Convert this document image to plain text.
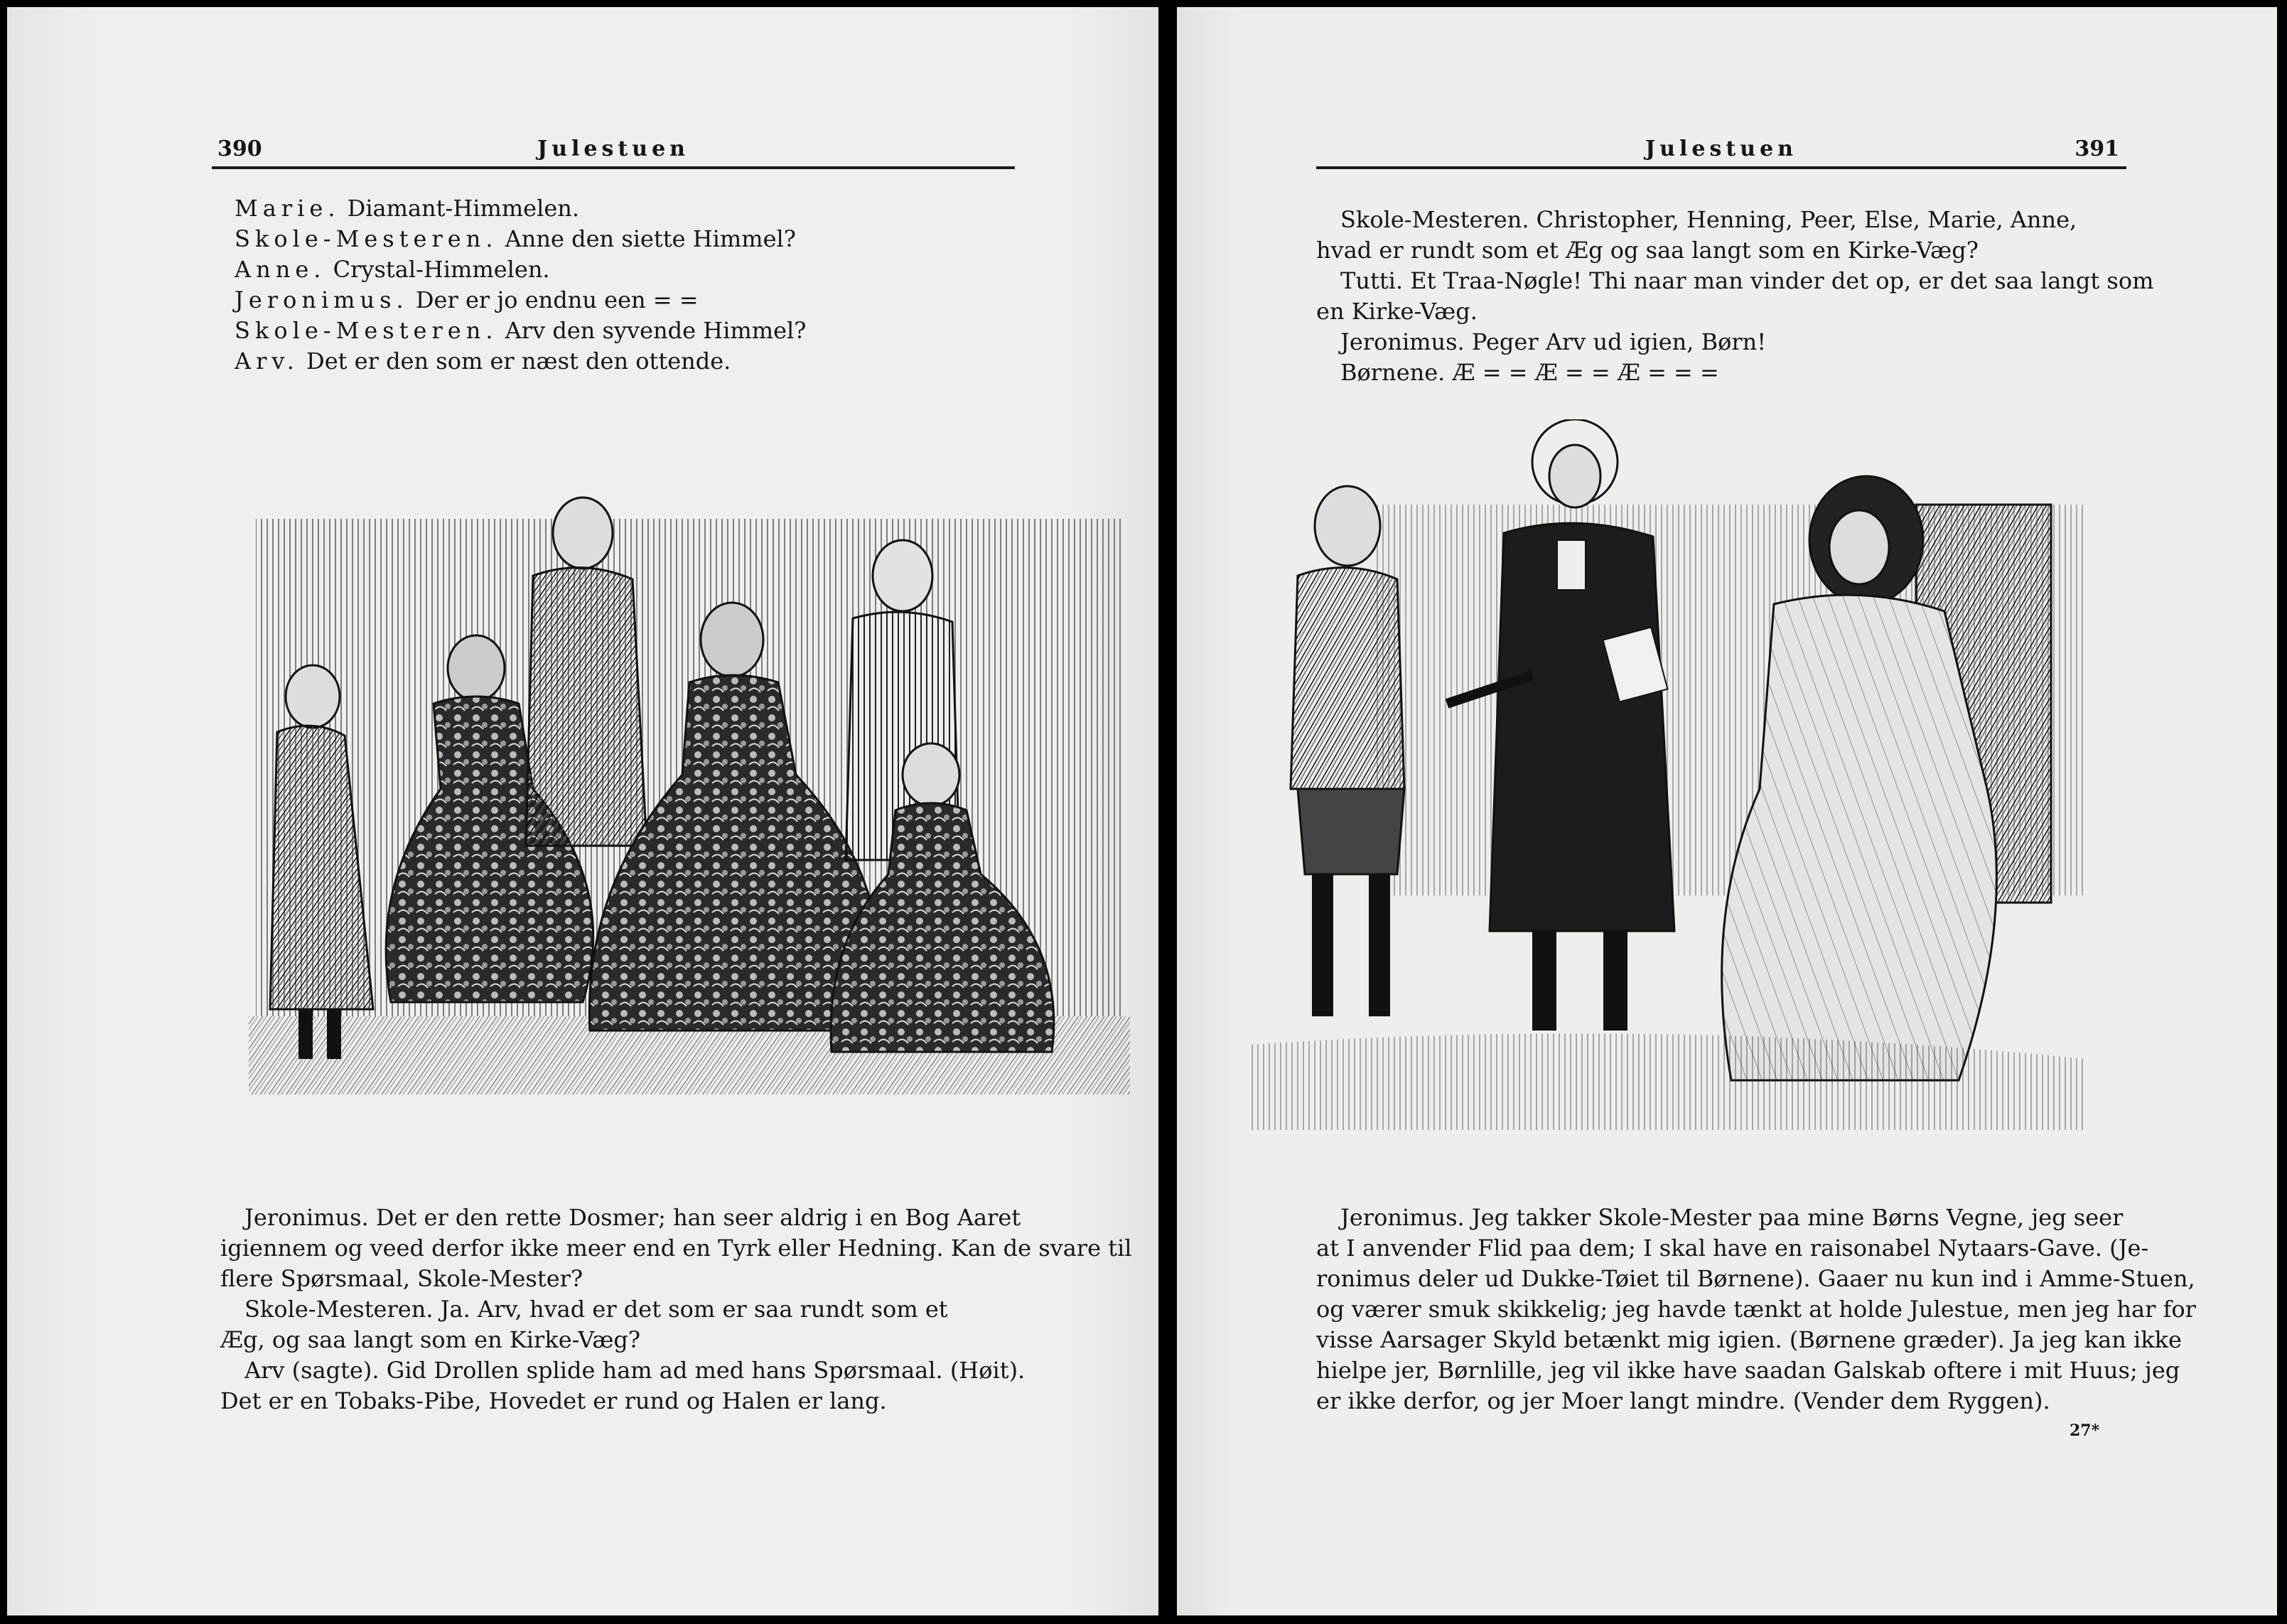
390	Julestuen

Marie. Diamant-Himmelen.

Skole-Mesteren. Anne den siette Himmel?

Anne. Crystal-Himmelen.

Jeronimus. Der er jo endnu een = =

Skole-Mesteren. Arv den syvende Himmel?

Arv. Det er den som er næst den ottende.

Jeronimus. Det er den rette Dosmer; han seer aldrig i en Bog Aaret

igiennem og veed derfor ikke meer end en Tyrk eller Hedning. Kan de svare til

flere Spørsmaal, Skole-Mester?

Skole-Mesteren. Ja. Arv, hvad er det som er saa rundt som et

Æg, og saa langt som en Kirke-Væg?

Arv (sagte). Gid Drollen splide ham ad med hans Spørsmaal. (Høit).

Det er en Tobaks-Pibe, Hovedet er rund og Halen er lang.

Julestuen	391

Skole-Mesteren. Christopher, Henning, Peer, Else, Marie, Anne,

hvad er rundt som et Æg og saa langt som en Kirke-Væg?

Tutti. Et Traa-Nøgle! Thi naar man vinder det op, er det saa langt som

en Kirke-Væg.

Jeronimus. Peger Arv ud igien, Børn!

Børnene. Æ = = Æ = = Æ = = =

Jeronimus. Jeg takker Skole-Mester paa mine Børns Vegne, jeg seer

at I anvender Flid paa dem; I skal have en raisonabel Nytaars-Gave. (Je-

ronimus deler ud Dukke-Tøiet til Børnene). Gaaer nu kun ind i Amme-Stuen,

og værer smuk skikkelig; jeg havde tænkt at holde Julestue, men jeg har for

visse Aarsager Skyld betænkt mig igien. (Børnene græder). Ja jeg kan ikke

hielpe jer, Børnlille, jeg vil ikke have saadan Galskab oftere i mit Huus; jeg

er ikke derfor, og jer Moer langt mindre. (Vender dem Ryggen).

27*
